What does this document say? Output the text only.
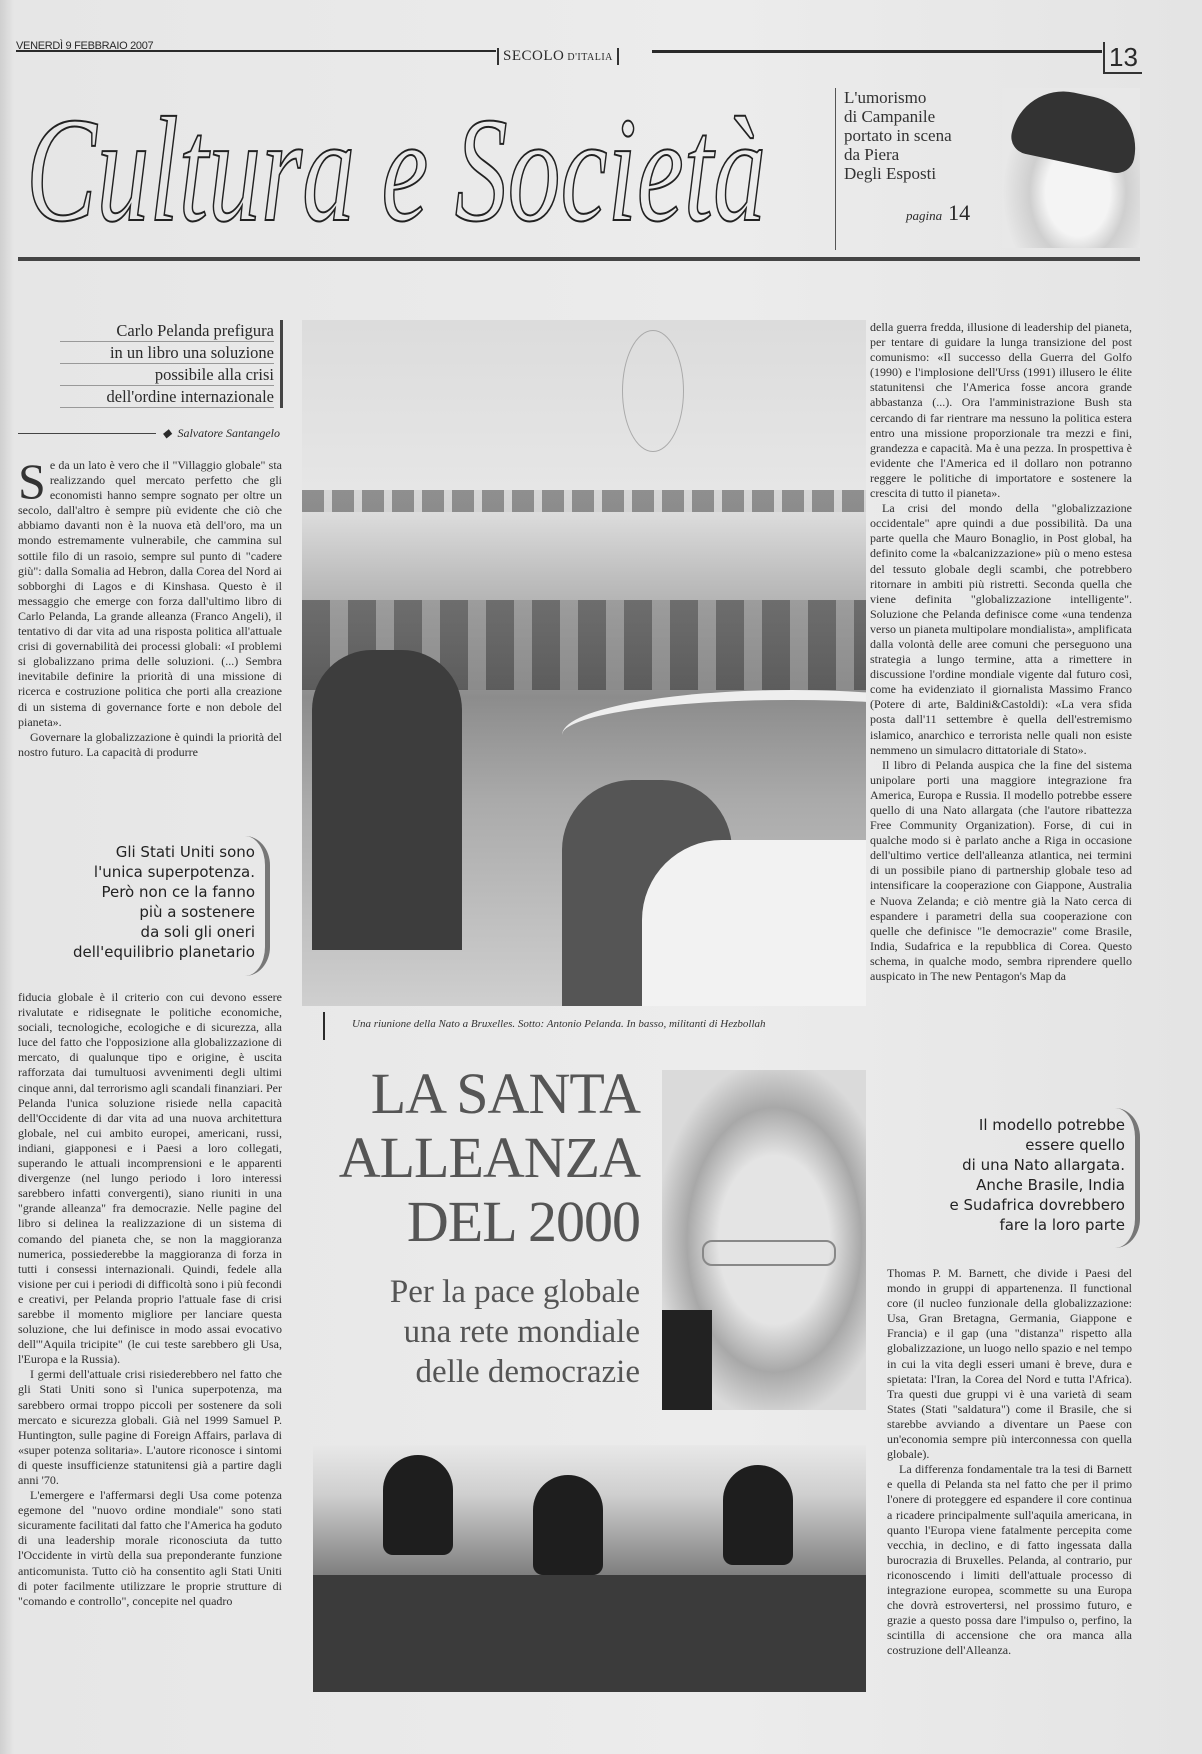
VENERDÌ 9 FEBBRAIO 2007
SECOLO D'ITALIA	13
Cultura e Società	L'umorismo
di Campanile
portato in scena
da Piera
Degli Esposti
pagina 14
Carlo Pelanda prefigura
in un libro una soluzione
possibile alla crisi
dell'ordine internazionale
◆ Salvatore Santangelo

Se da un lato è vero che il "Villaggio globale" sta realizzando quel mercato perfetto che gli economisti hanno sempre sognato per oltre un secolo, dall'altro è sempre più evidente che ciò che abbiamo davanti non è la nuova età dell'oro, ma un mondo estremamente vulnerabile, che cammina sul sottile filo di un rasoio, sempre sul punto di "cadere giù": dalla Somalia ad Hebron, dalla Corea del Nord ai sobborghi di Lagos e di Kinshasa. Questo è il messaggio che emerge con forza dall'ultimo libro di Carlo Pelanda, La grande alleanza (Franco Angeli), il tentativo di dar vita ad una risposta politica all'attuale crisi di governabilità dei processi globali: «I problemi si globalizzano prima delle soluzioni. (...) Sembra inevitabile definire la priorità di una missione di ricerca e costruzione politica che porti alla creazione di un sistema di governance forte e non debole del pianeta».

Governare la globalizzazione è quindi la priorità del nostro futuro. La capacità di produrre

Gli Stati Uniti sono
l'unica superpotenza.
Però non ce la fanno
più a sostenere
da soli gli oneri
dell'equilibrio planetario

fiducia globale è il criterio con cui devono essere rivalutate e ridisegnate le politiche economiche, sociali, tecnologiche, ecologiche e di sicurezza, alla luce del fatto che l'opposizione alla globalizzazione di mercato, di qualunque tipo e origine, è uscita rafforzata dai tumultuosi avvenimenti degli ultimi cinque anni, dal terrorismo agli scandali finanziari. Per Pelanda l'unica soluzione risiede nella capacità dell'Occidente di dar vita ad una nuova architettura globale, nel cui ambito europei, americani, russi, indiani, giapponesi e i Paesi a loro collegati, superando le attuali incomprensioni e le apparenti divergenze (nel lungo periodo i loro interessi sarebbero infatti convergenti), siano riuniti in una "grande alleanza" fra democrazie. Nelle pagine del libro si delinea la realizzazione di un sistema di comando del pianeta che, se non la maggioranza numerica, possiederebbe la maggioranza di forza in tutti i consessi internazionali. Quindi, fedele alla visione per cui i periodi di difficoltà sono i più fecondi e creativi, per Pelanda proprio l'attuale fase di crisi sarebbe il momento migliore per lanciare questa soluzione, che lui definisce in modo assai evocativo dell'"Aquila tricipite" (le cui teste sarebbero gli Usa, l'Europa e la Russia).

I germi dell'attuale crisi risiederebbero nel fatto che gli Stati Uniti sono sì l'unica superpotenza, ma sarebbero ormai troppo piccoli per sostenere da soli mercato e sicurezza globali. Già nel 1999 Samuel P. Huntington, sulle pagine di Foreign Affairs, parlava di «super potenza solitaria». L'autore riconosce i sintomi di queste insufficienze statunitensi già a partire dagli anni '70.

L'emergere e l'affermarsi degli Usa come potenza egemone del "nuovo ordine mondiale" sono stati sicuramente facilitati dal fatto che l'America ha goduto di una leadership morale riconosciuta da tutto l'Occidente in virtù della sua preponderante funzione anticomunista. Tutto ciò ha consentito agli Stati Uniti di poter facilmente utilizzare le proprie strutture di "comando e controllo", concepite nel quadro

Una riunione della Nato a Bruxelles. Sotto: Antonio Pelanda. In basso, militanti di Hezbollah
LA SANTA
ALLEANZA
DEL 2000
Per la pace globale
una rete mondiale
delle democrazie

della guerra fredda, illusione di leadership del pianeta, per tentare di guidare la lunga transizione del post comunismo: «Il successo della Guerra del Golfo (1990) e l'implosione dell'Urss (1991) illusero le élite statunitensi che l'America fosse ancora grande abbastanza (...). Ora l'amministrazione Bush sta cercando di far rientrare ma nessuno la politica estera entro una missione proporzionale tra mezzi e fini, grandezza e capacità. Ma è una pezza. In prospettiva è evidente che l'America ed il dollaro non potranno reggere le politiche di importatore e sostenere la crescita di tutto il pianeta».

La crisi del mondo della "globalizzazione occidentale" apre quindi a due possibilità. Da una parte quella che Mauro Bonaglio, in Post global, ha definito come la «balcanizzazione» più o meno estesa del tessuto globale degli scambi, che potrebbero ritornare in ambiti più ristretti. Seconda quella che viene definita "globalizzazione intelligente". Soluzione che Pelanda definisce come «una tendenza verso un pianeta multipolare mondialista», amplificata dalla volontà delle aree comuni che perseguono una strategia a lungo termine, atta a rimettere in discussione l'ordine mondiale vigente dal futuro così, come ha evidenziato il giornalista Massimo Franco (Potere di arte, Baldini&Castoldi): «La vera sfida posta dall'11 settembre è quella dell'estremismo islamico, anarchico e terrorista nelle quali non esiste nemmeno un simulacro dittatoriale di Stato».

Il libro di Pelanda auspica che la fine del sistema unipolare porti una maggiore integrazione fra America, Europa e Russia. Il modello potrebbe essere quello di una Nato allargata (che l'autore ribattezza Free Community Organization). Forse, di cui in qualche modo si è parlato anche a Riga in occasione dell'ultimo vertice dell'alleanza atlantica, nei termini di un possibile piano di partnership globale teso ad intensificare la cooperazione con Giappone, Australia e Nuova Zelanda; e ciò mentre già la Nato cerca di espandere i parametri della sua cooperazione con quelle che definisce "le democrazie" come Brasile, India, Sudafrica e la repubblica di Corea. Questo schema, in qualche modo, sembra riprendere quello auspicato in The new Pentagon's Map da

Il modello potrebbe
essere quello
di una Nato allargata.
Anche Brasile, India
e Sudafrica dovrebbero
fare la loro parte

Thomas P. M. Barnett, che divide i Paesi del mondo in gruppi di appartenenza. Il functional core (il nucleo funzionale della globalizzazione: Usa, Gran Bretagna, Germania, Giappone e Francia) e il gap (una "distanza" rispetto alla globalizzazione, un luogo nello spazio e nel tempo in cui la vita degli esseri umani è breve, dura e spietata: l'Iran, la Corea del Nord e tutta l'Africa). Tra questi due gruppi vi è una varietà di seam States (Stati "saldatura") come il Brasile, che si starebbe avviando a diventare un Paese con un'economia sempre più interconnessa con quella globale).

La differenza fondamentale tra la tesi di Barnett e quella di Pelanda sta nel fatto che per il primo l'onere di proteggere ed espandere il core continua a ricadere principalmente sull'aquila americana, in quanto l'Europa viene fatalmente percepita come vecchia, in declino, e di fatto ingessata dalla burocrazia di Bruxelles. Pelanda, al contrario, pur riconoscendo i limiti dell'attuale processo di integrazione europea, scommette su una Europa che dovrà estrovertersi, nel prossimo futuro, e grazie a questo possa dare l'impulso o, perfino, la scintilla di accensione che ora manca alla costruzione dell'Alleanza.
